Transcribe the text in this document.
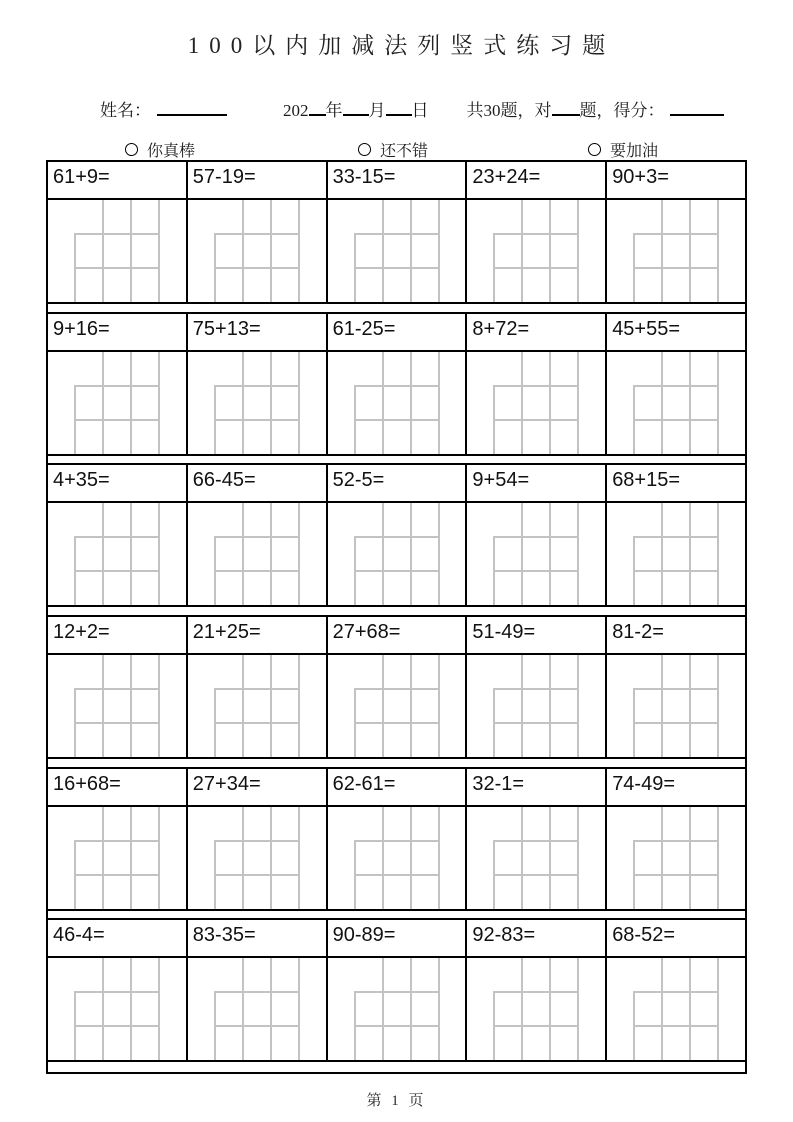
100以内加减法列竖式练习题
姓名：	202 年 月 日 共30题，对 题，得分：
你真棒	还不错	要加油
61+9=	57-19=	33-15=	23+24=	90+3=
9+16=	75+13=	61-25=	8+72=	45+55=
4+35=	66-45=	52-5=	9+54=	68+15=
12+2=	21+25=	27+68=	51-49=	81-2=
16+68=	27+34=	62-61=	32-1=	74-49=
46-4=	83-35=	90-89=	92-83=	68-52=
第 1 页
